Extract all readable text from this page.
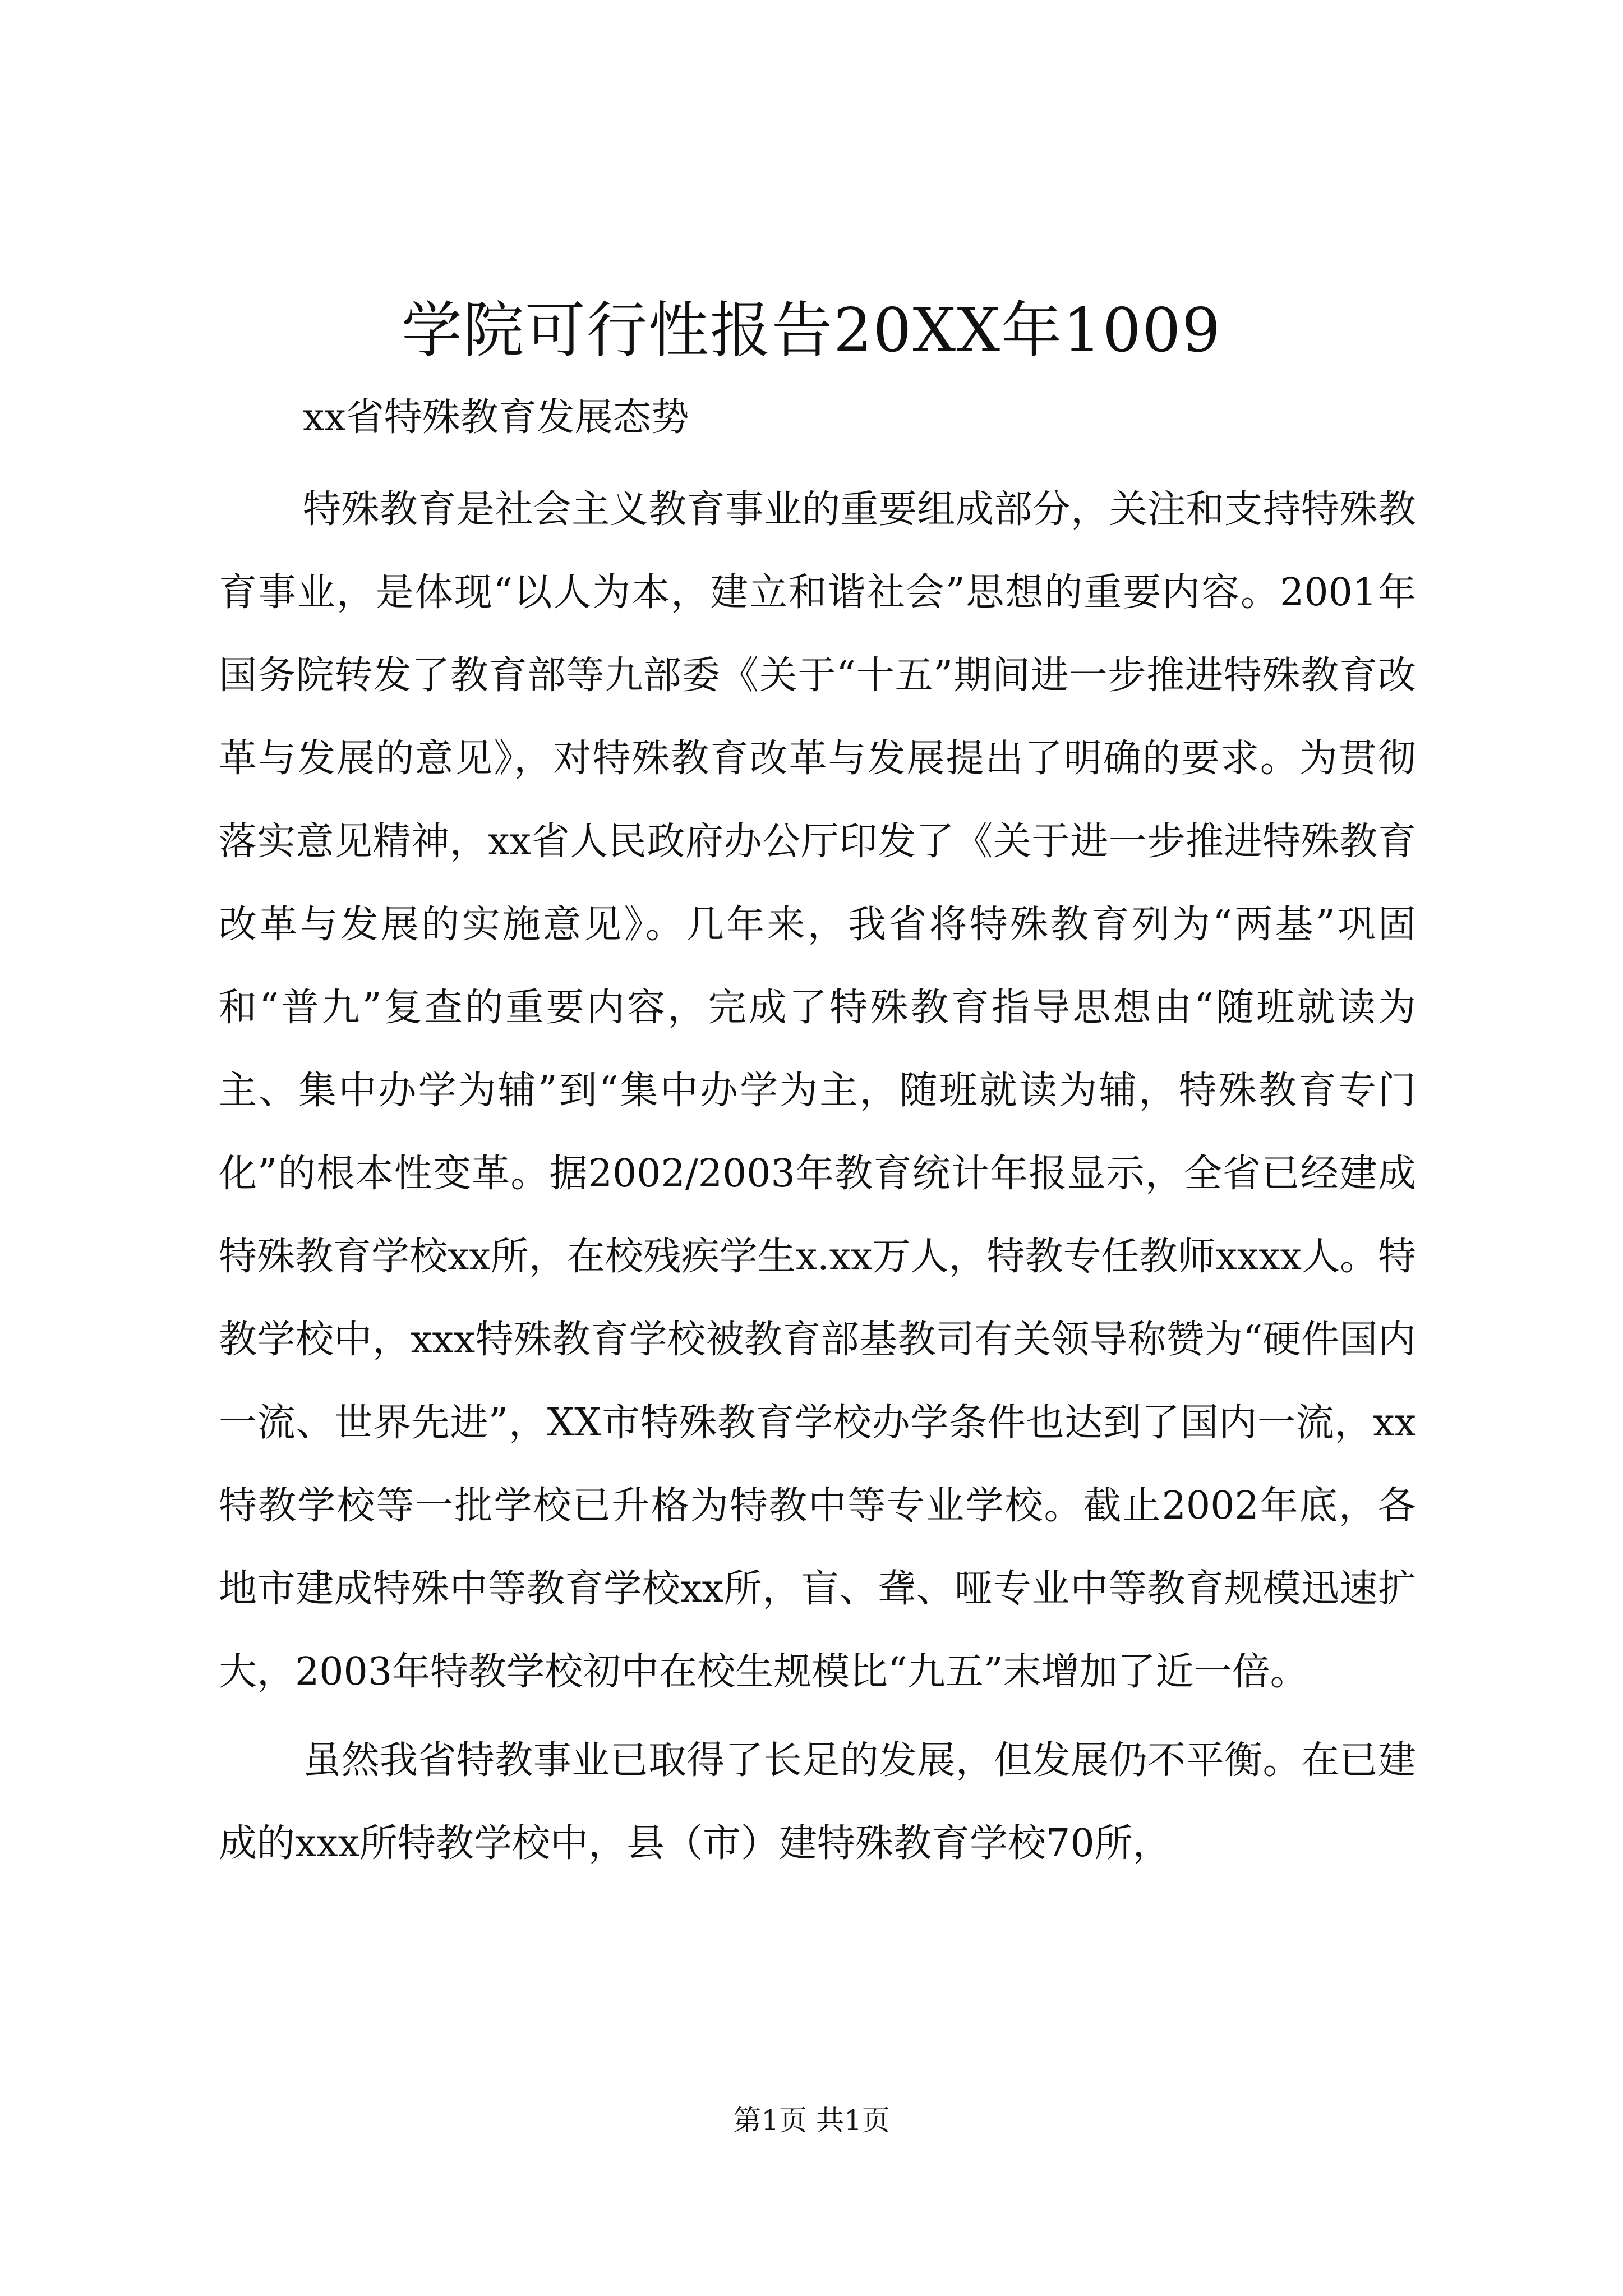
学院可行性报告20XX年1009

xx省特殊教育发展态势

特殊教育是社会主义教育事业的重要组成部分，关注和支持特殊教育事业，是体现“以人为本，建立和谐社会”思想的重要内容。2001年国务院转发了教育部等九部委《关于“十五”期间进一步推进特殊教育改革与发展的意见》，对特殊教育改革与发展提出了明确的要求。为贯彻落实意见精神，xx省人民政府办公厅印发了《关于进一步推进特殊教育改革与发展的实施意见》。几年来，我省将特殊教育列为“两基”巩固和“普九”复查的重要内容，完成了特殊教育指导思想由“随班就读为主、集中办学为辅”到“集中办学为主，随班就读为辅，特殊教育专门化”的根本性变革。据2002/2003年教育统计年报显示，全省已经建成特殊教育学校xx所，在校残疾学生x.xx万人，特教专任教师xxxx人。特教学校中，xxx特殊教育学校被教育部基教司有关领导称赞为“硬件国内一流、世界先进”，XX市特殊教育学校办学条件也达到了国内一流，xx特教学校等一批学校已升格为特教中等专业学校。截止2002年底，各地市建成特殊中等教育学校xx所，盲、聋、哑专业中等教育规模迅速扩大，2003年特教学校初中在校生规模比“九五”末增加了近一倍。

虽然我省特教事业已取得了长足的发展，但发展仍不平衡。在已建成的xxx所特教学校中，县（市）建特殊教育学校70所，

第1页 共1页
